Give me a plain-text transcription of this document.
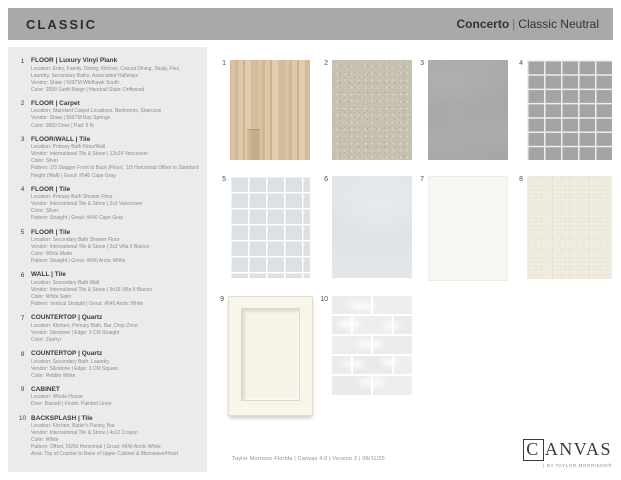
CLASSIC	Concerto | Classic Neutral
1	FLOOR | Luxury Vinyl Plank
Location: Entry, Family, Dining, Kitchen, Casual Dining, Study, Flex, Laundry, Secondary Baths, Associated Hallways
Vendor: Shaw | 599TM Wildhawk South
Color: 2099 Sunlit Beige | Handrail Stain: Driftwood
2	FLOOR | Carpet
Location: Standard Carpet Locations, Bedrooms, Staircase
Vendor: Shaw | 565TM Bay Springs
Color: 0560 Dove | Pad: 6 lb
3	FLOOR/WALL | Tile
Location: Primary Bath Floor/Wall
Vendor: International Tile & Stone | 12x24 Vancouver
Color: Silver
Pattern: 1/3 Stagger Front to Back (Floor), 1/3 Horizontal Offset to Standard Height (Wall) | Grout: #546 Cape Gray
4	FLOOR | Tile
Location: Primary Bath Shower Floor
Vendor: International Tile & Stone | 2x2 Vancouver
Color: Silver
Pattern: Straight | Grout: #546 Cape Gray
5	FLOOR | Tile
Location: Secondary Bath Shower Floor
Vendor: International Tile & Stone | 2x2 Villa II Bianco
Color: White Matte
Pattern: Straight | Grout: #640 Arctic White
6	WALL | Tile
Location: Secondary Bath Wall
Vendor: International Tile & Stone | 9x16 Villa II Bianco
Color: White Satin
Pattern: Vertical Straight | Grout: #640 Arctic White
7	COUNTERTOP | Quartz
Location: Kitchen, Primary Bath, Bar, Drop Zone
Vendor: Silestone | Edge: 3 CM Straight
Color: Zephyr
8	COUNTERTOP | Quartz
Location: Secondary Bath, Laundry
Vendor: Silestone | Edge: 3 CM Square
Color: Pebble White
9	CABINET
Location: Whole House
Door: Barnett | Finish: Painted Linen
10 BACKSPLASH | Tile
Location: Kitchen, Butler's Pantry, Bar
Vendor: International Tile & Stone | 4x12 Crayon
Color: White
Pattern: Offset, 50/50 Horizontal | Grout: #640 Arctic White
Area: Top of Counter to Base of Upper Cabinet & Microwave/Hood
1	2	3	4
5	6	7	8
9	10
Taylor Morrison Florida | Canvas 4.0 | Version 2 | 08/11/25	C ANVAS
| BY TAYLOR MORRISON®
